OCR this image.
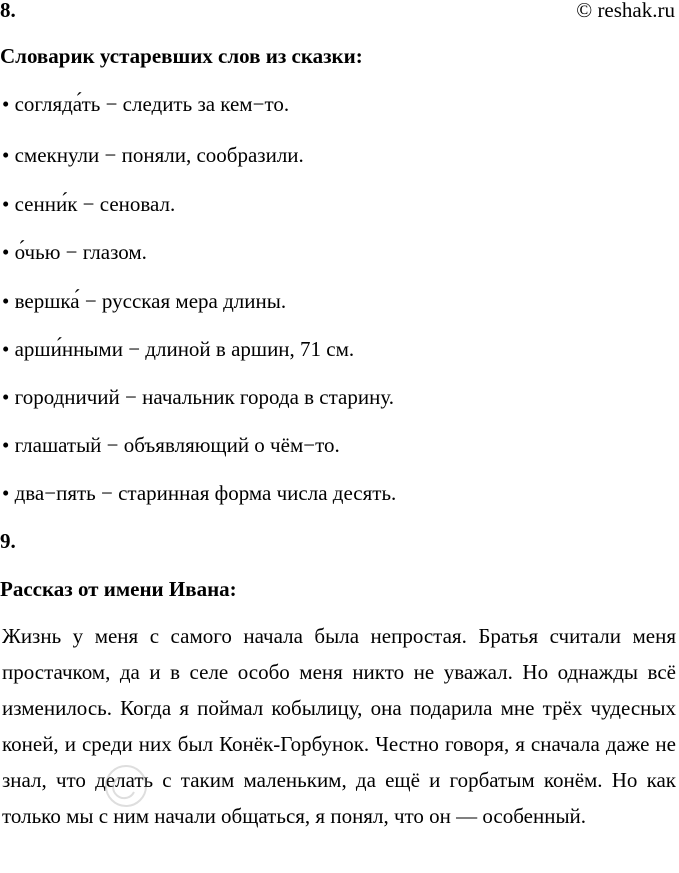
8.	© reshak.ru
Словарик устаревших слов из сказки:
• согляда́ть − следить за кем−то.
• смекнули − поняли, сообразили.
• сенни́к − сеновал.
• о́чью − глазом.
• вершка́ − русская мера длины.
• арши́нными − длиной в аршин, 71 см.
• городничий − начальник города в старину.
• глашатый − объявляющий о чём−то.
• два−пять − старинная форма числа десять.
9.
Рассказ от имени Ивана:
Жизнь у меня с самого начала была непростая. Братья считали меня простачком, да и в селе особо меня никто не уважал. Но однажды всё изменилось. Когда я поймал кобылицу, она подарила мне трёх чудесных коней, и среди них был Конёк-Горбунок. Честно говоря, я сначала даже не знал, что делать с таким маленьким, да ещё и горбатым конём. Но как только мы с ним начали общаться, я понял, что он — особенный.
